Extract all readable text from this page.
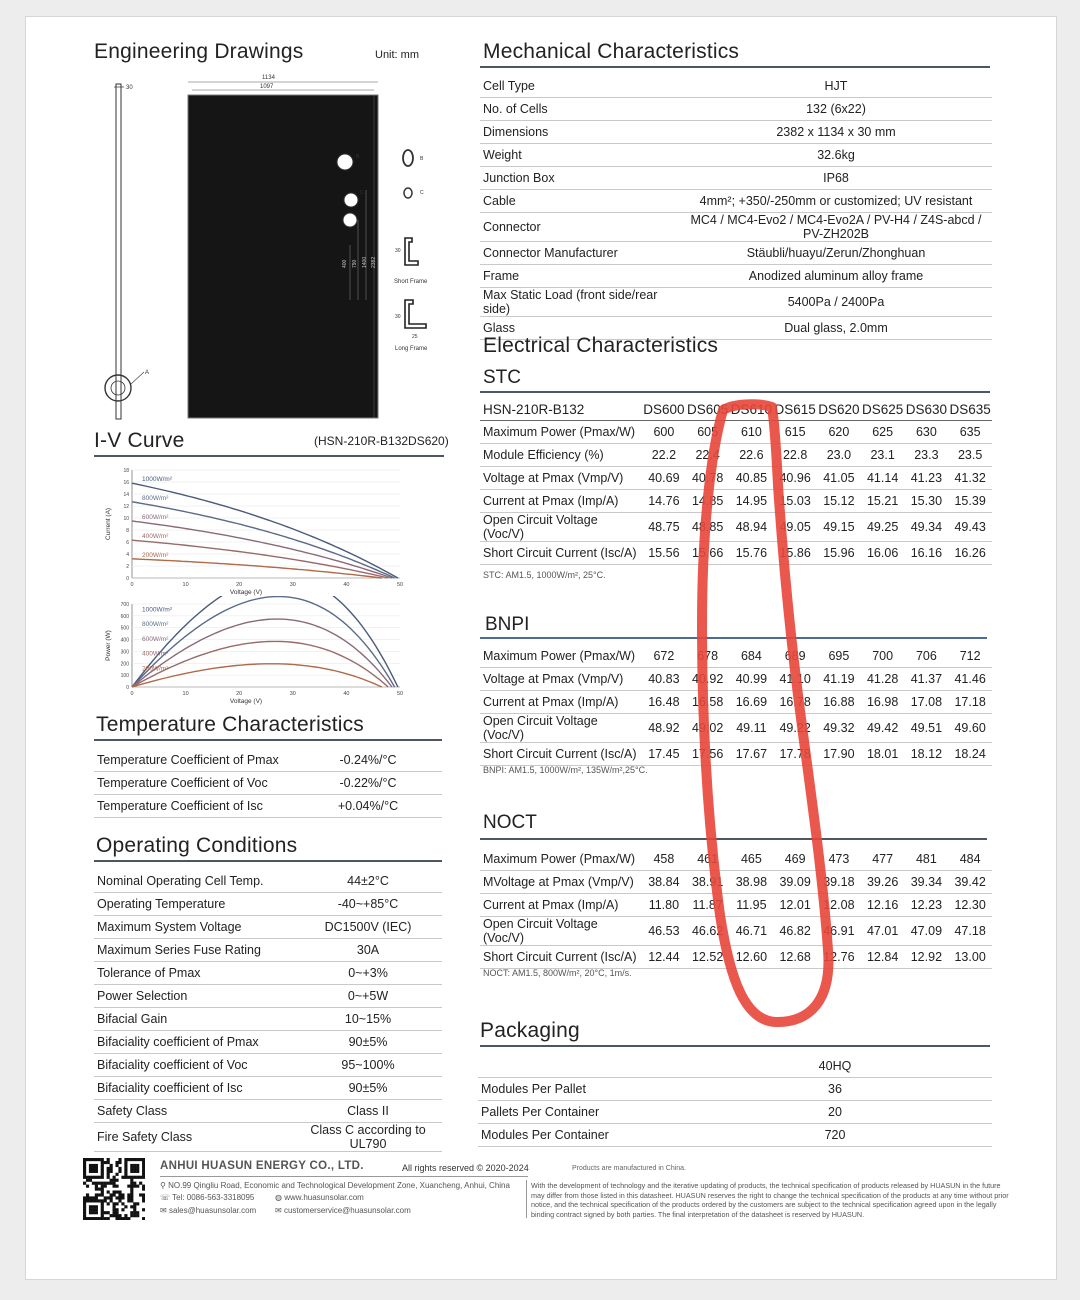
Engineering Drawings	Unit: mm
30
A
1134
1097
400 790 1400 2382
B
C
B
C
30
Short Frame
30
25
Long Frame
I-V Curve	(HSN-210R-B132DS620)
0
2
4
6
8
10
12
14
16
18
0	10	20	30	40	50
Voltage (V)
Current (A)
1000W/m²
800W/m²
600W/m²
400W/m²
200W/m²
0
100
200
300
400
500
600
700
0	10	20	30	40	50
Voltage (V)
Power (W)
1000W/m²
800W/m²
600W/m²
400W/m²
200W/m²
Temperature Characteristics
Temperature Coefficient of Pmax	-0.24%/°C
Temperature Coefficient of Voc	-0.22%/°C
Temperature Coefficient of Isc	+0.04%/°C
Operating Conditions
Nominal Operating Cell Temp.	44±2°C
Operating Temperature	-40~+85°C
Maximum System Voltage	DC1500V (IEC)
Maximum Series Fuse Rating	30A
Tolerance of Pmax	0~+3%
Power Selection	0~+5W
Bifacial Gain	10~15%
Bifaciality coefficient of Pmax	90±5%
Bifaciality coefficient of Voc	95~100%
Bifaciality coefficient of Isc	90±5%
Safety Class	Class II
Fire Safety Class	Class C according to UL790
Mechanical Characteristics
Cell Type	HJT
No. of Cells	132 (6x22)
Dimensions	2382 x 1134 x 30 mm
Weight	32.6kg
Junction Box	IP68
Cable	4mm²; +350/-250mm or customized; UV resistant
Connector	MC4 / MC4-Evo2 / MC4-Evo2A / PV-H4 / Z4S-abcd / PV-ZH202B
Connector Manufacturer	Stäubli/huayu/Zerun/Zhonghuan
Frame	Anodized aluminum alloy frame
Max Static Load (front side/rear side)	5400Pa / 2400Pa
Glass	Dual glass, 2.0mm
Electrical Characteristics
STC
HSN-210R-B132	DS600	DS605	DS610	DS615	DS620	DS625	DS630	DS635
Maximum Power (Pmax/W)	600	605	610	615	620	625	630	635
Module Efficiency (%)	22.2	22.4	22.6	22.8	23.0	23.1	23.3	23.5
Voltage at Pmax (Vmp/V)	40.69	40.78	40.85	40.96	41.05	41.14	41.23	41.32
Current at Pmax (Imp/A)	14.76	14.85	14.95	15.03	15.12	15.21	15.30	15.39
Open Circuit Voltage (Voc/V)	48.75	48.85	48.94	49.05	49.15	49.25	49.34	49.43
Short Circuit Current (Isc/A)	15.56	15.66	15.76	15.86	15.96	16.06	16.16	16.26
STC: AM1.5, 1000W/m², 25°C.
BNPI
Maximum Power (Pmax/W)	672	678	684	689	695	700	706	712
Voltage at Pmax (Vmp/V)	40.83	40.92	40.99	41.10	41.19	41.28	41.37	41.46
Current at Pmax (Imp/A)	16.48	16.58	16.69	16.78	16.88	16.98	17.08	17.18
Open Circuit Voltage (Voc/V)	48.92	49.02	49.11	49.22	49.32	49.42	49.51	49.60
Short Circuit Current (Isc/A)	17.45	17.56	17.67	17.78	17.90	18.01	18.12	18.24
BNPI: AM1.5, 1000W/m², 135W/m²,25°C.
NOCT
Maximum Power (Pmax/W)	458	461	465	469	473	477	481	484
MVoltage at Pmax (Vmp/V)	38.84	38.91	38.98	39.09	39.18	39.26	39.34	39.42
Current at Pmax (Imp/A)	11.80	11.87	11.95	12.01	12.08	12.16	12.23	12.30
Open Circuit Voltage (Voc/V)	46.53	46.62	46.71	46.82	46.91	47.01	47.09	47.18
Short Circuit Current (Isc/A)	12.44	12.52	12.60	12.68	12.76	12.84	12.92	13.00
NOCT: AM1.5, 800W/m², 20°C, 1m/s.
Packaging
	40HQ
Modules Per Pallet	36
Pallets Per Container	20
Modules Per Container	720
ANHUI HUASUN ENERGY CO., LTD.	All rights reserved © 2020-2024	Products are manufactured in China.
⚲ NO.99 Qingliu Road, Economic and Technological Development Zone, Xuancheng, Anhui, China
☏ Tel: 0086-563-3318095	◍ www.huasunsolar.com
✉ sales@huasunsolar.com ✉ customerservice@huasunsolar.com
With the development of technology and the iterative updating of products, the technical specification of products released by HUASUN in the future may differ from those listed in this datasheet. HUASUN reserves the right to change the technical specification of the products at any time without prior notice, and the technical specification of the products ordered by the customers are subject to the technical specification agreed upon in the legally binding contract signed by both parties. The final interpretation of the datasheet is reserved by HUASUN.
